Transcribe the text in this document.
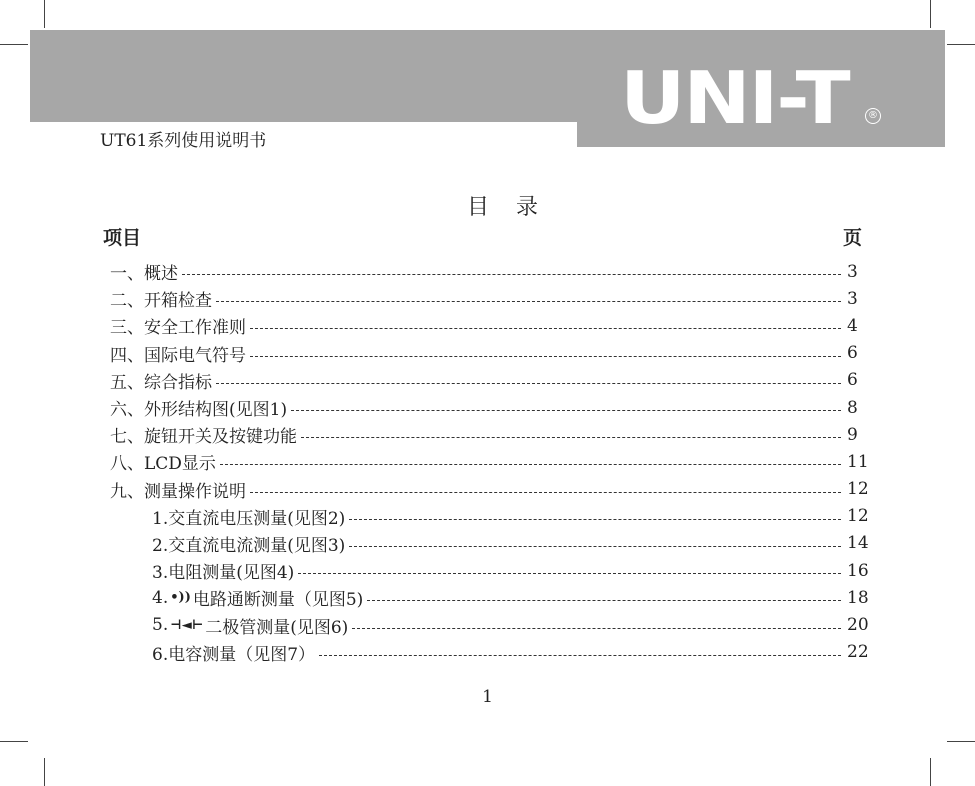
UNI-T	®
UT61系列使用说明书
目 录
项目	页
一、概述	3
二、开箱检查	3
三、安全工作准则	4
四、国际电气符号	6
五、综合指标	6
六、外形结构图(见图1)	8
七、旋钮开关及按键功能	9
八、LCD显示	11
九、测量操作说明	12
1.交直流电压测量(见图2)	12
2.交直流电流测量(见图3)	14
3.电阻测量(见图4)	16
4. •)) 电路通断测量（见图5)	18
5. ⊣◄⊢ 二极管测量(见图6)	20
6.电容测量（见图7）	22
1
